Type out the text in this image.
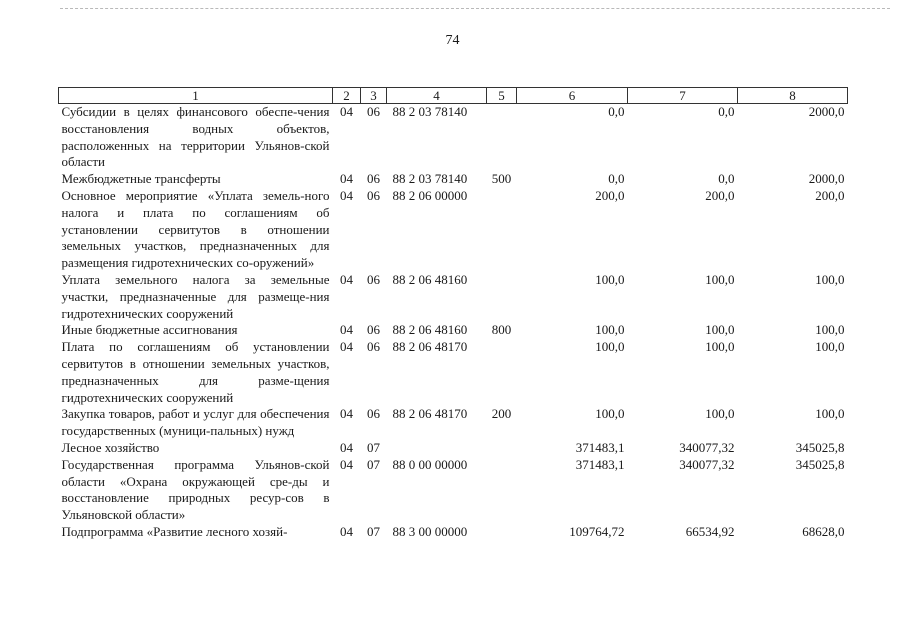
74
1	2	3	4	5	6	7	8
Субсидии в целях финансового обеспе-чения восстановления водных объектов, расположенных на территории Ульянов-ской области	04	06	88 2 03 78140		0,0	0,0	2000,0
Межбюджетные трансферты	04	06	88 2 03 78140	500	0,0	0,0	2000,0
Основное мероприятие «Уплата земель-ного налога и плата по соглашениям об установлении сервитутов в отношении земельных участков, предназначенных для размещения гидротехнических со-оружений»	04	06	88 2 06 00000		200,0	200,0	200,0
Уплата земельного налога за земельные участки, предназначенные для размеще-ния гидротехнических сооружений	04	06	88 2 06 48160		100,0	100,0	100,0
Иные бюджетные ассигнования	04	06	88 2 06 48160	800	100,0	100,0	100,0
Плата по соглашениям об установлении сервитутов в отношении земельных участков, предназначенных для разме-щения гидротехнических сооружений	04	06	88 2 06 48170		100,0	100,0	100,0
Закупка товаров, работ и услуг для обеспечения государственных (муници-пальных) нужд	04	06	88 2 06 48170	200	100,0	100,0	100,0
Лесное хозяйство	04	07			371483,1	340077,32	345025,8
Государственная программа Ульянов-ской области «Охрана окружающей сре-ды и восстановление природных ресур-сов в Ульяновской области»	04	07	88 0 00 00000		371483,1	340077,32	345025,8
Подпрограмма «Развитие лесного хозяй-	04	07	88 3 00 00000		109764,72	66534,92	68628,0
